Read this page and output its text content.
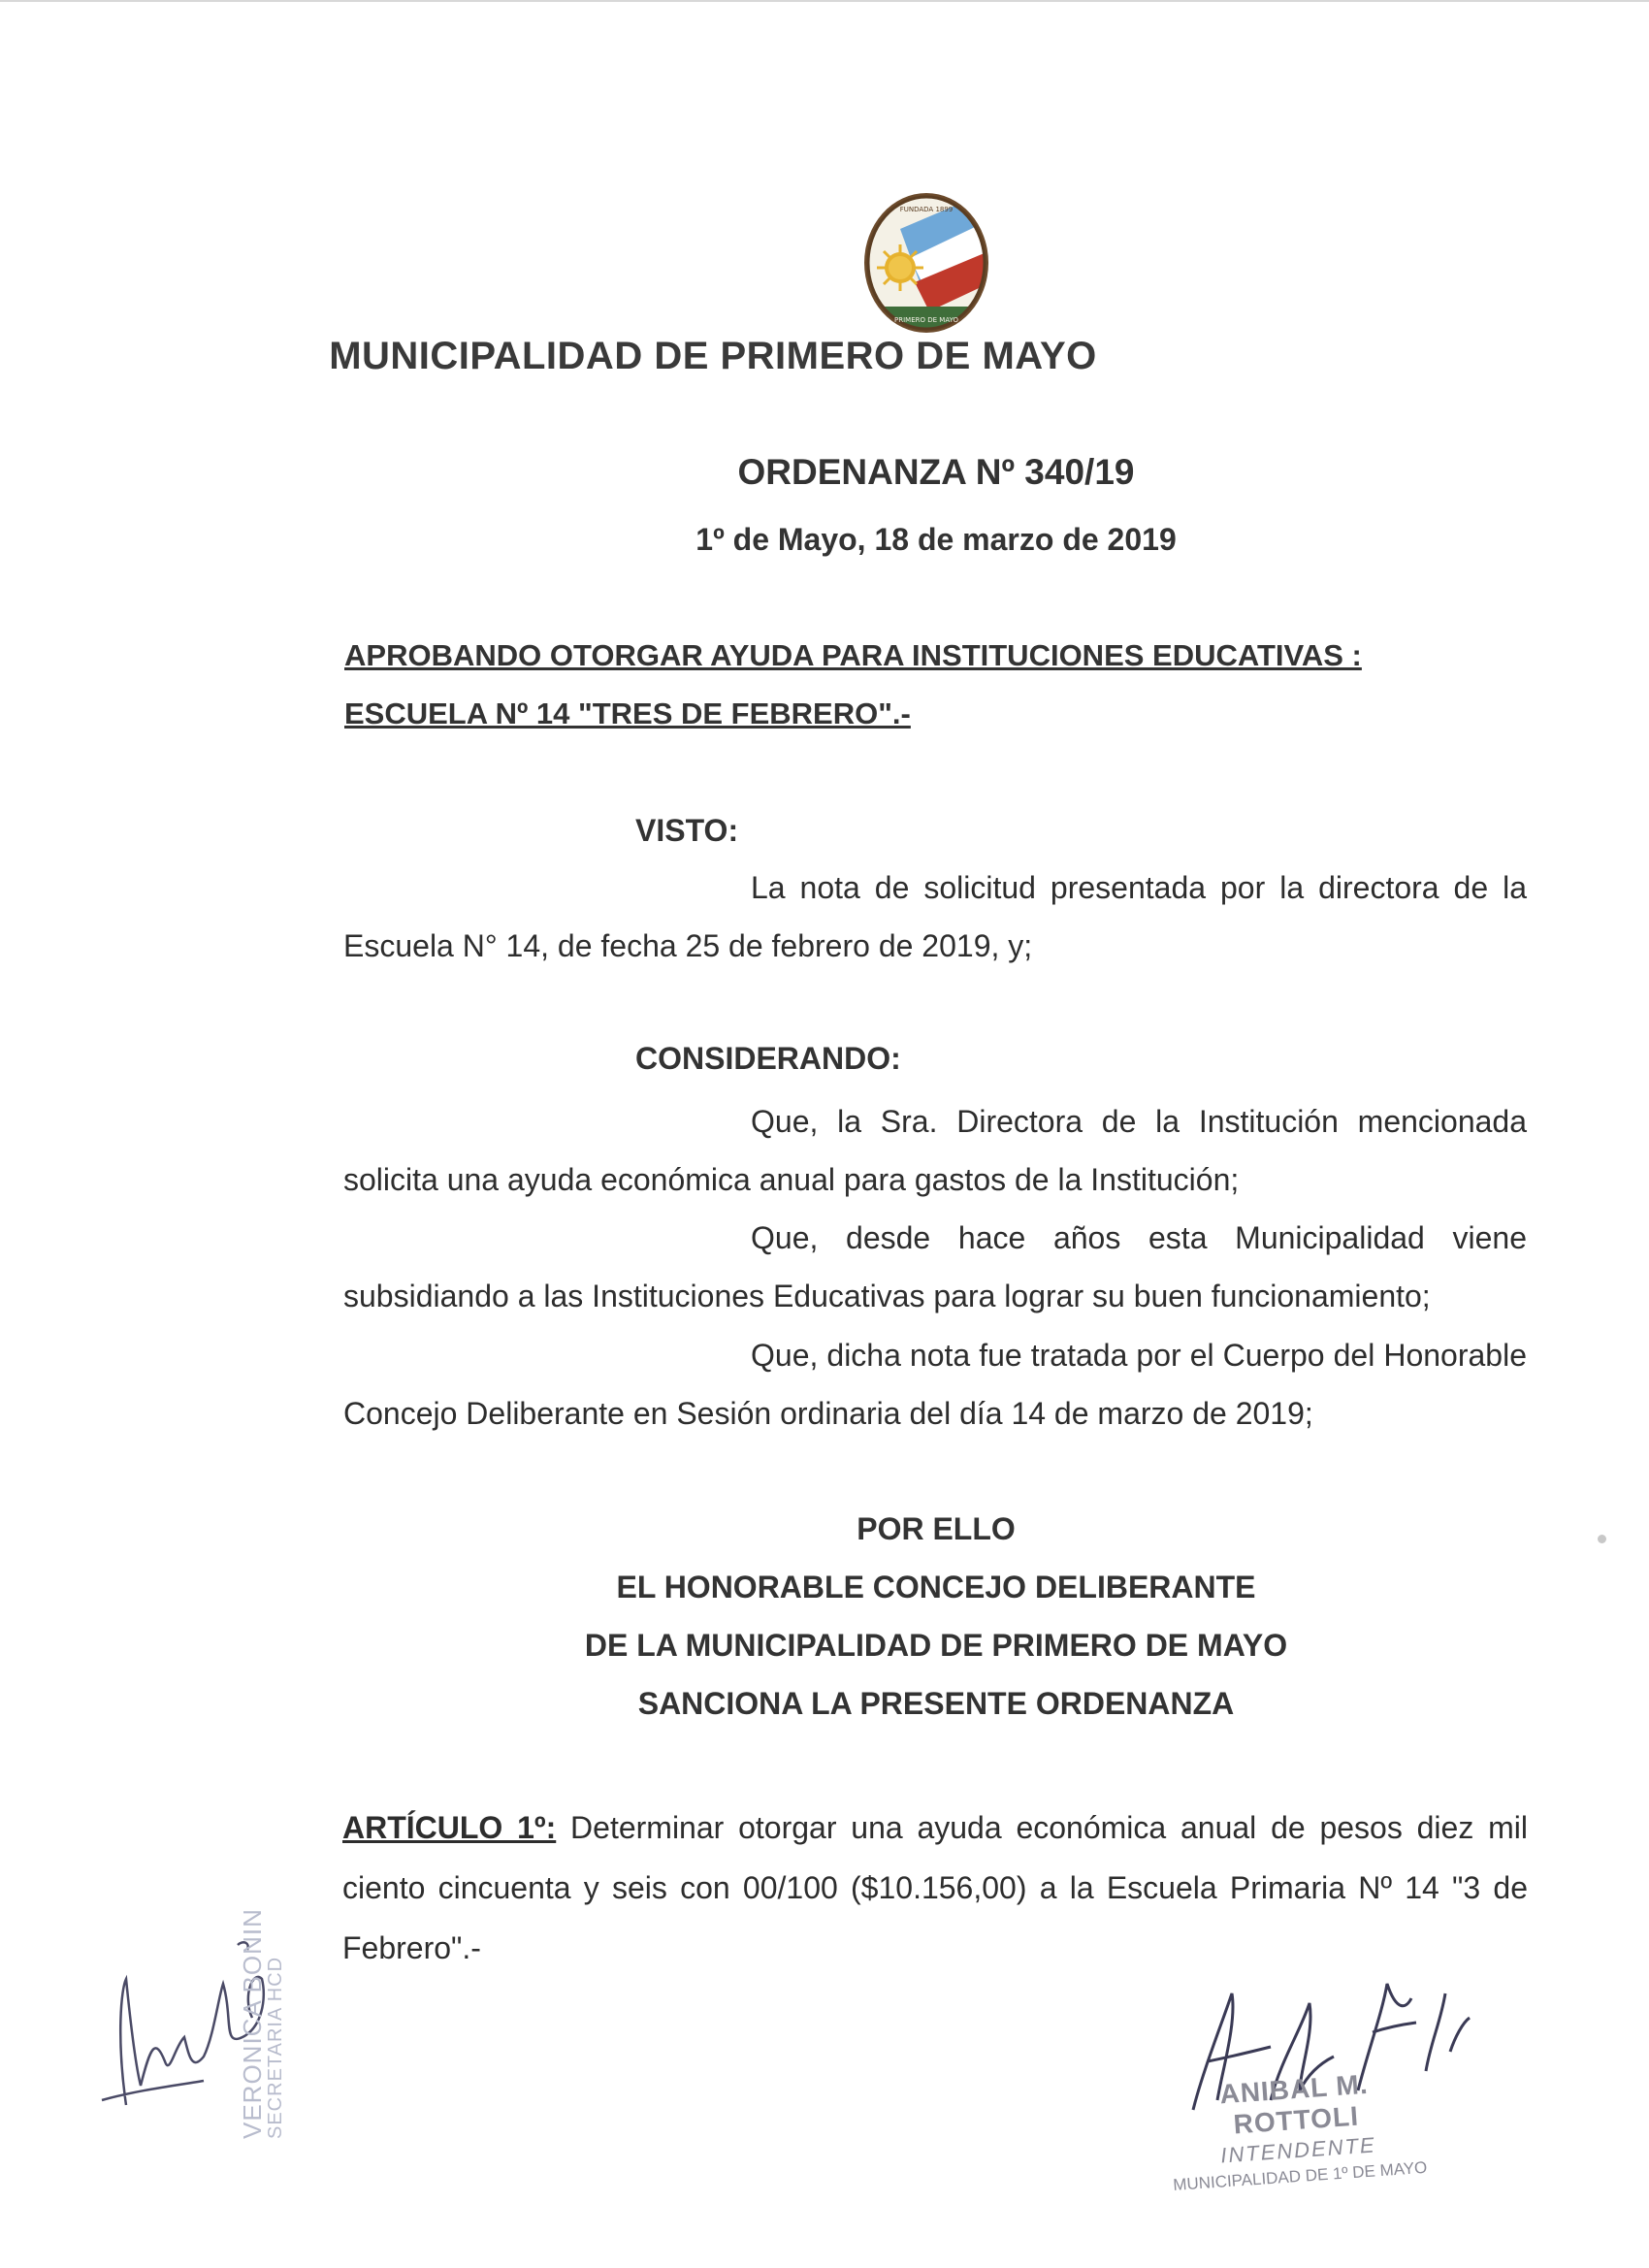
FUNDADA 1899
PRIMERO DE MAYO
MUNICIPALIDAD DE PRIMERO DE MAYO
ORDENANZA Nº 340/19
1º de Mayo, 18 de marzo de 2019
APROBANDO OTORGAR AYUDA PARA INSTITUCIONES EDUCATIVAS :
ESCUELA Nº 14 "TRES DE FEBRERO".-
VISTO:
La nota de solicitud presentada por la directora de la Escuela N° 14, de fecha 25 de febrero de 2019, y;
CONSIDERANDO:
Que, la Sra. Directora de la Institución mencionada solicita una ayuda económica anual para gastos de la Institución;
Que, desde hace años esta Municipalidad viene subsidiando a las Instituciones Educativas para lograr su buen funcionamiento;
Que, dicha nota fue tratada por el Cuerpo del Honorable Concejo Deliberante en Sesión ordinaria del día 14 de marzo de 2019;
POR ELLO
EL HONORABLE CONCEJO DELIBERANTE
DE LA MUNICIPALIDAD DE PRIMERO DE MAYO
SANCIONA LA PRESENTE ORDENANZA
ARTÍCULO 1º: Determinar otorgar una ayuda económica anual de pesos diez mil ciento cincuenta y seis con 00/100 ($10.156,00) a la Escuela Primaria Nº 14 "3 de Febrero".-
VERONICA BONIN
SECRETARIA HCD	ANIBAL M. ROTTOLI
INTENDENTE
MUNICIPALIDAD DE 1º DE MAYO
